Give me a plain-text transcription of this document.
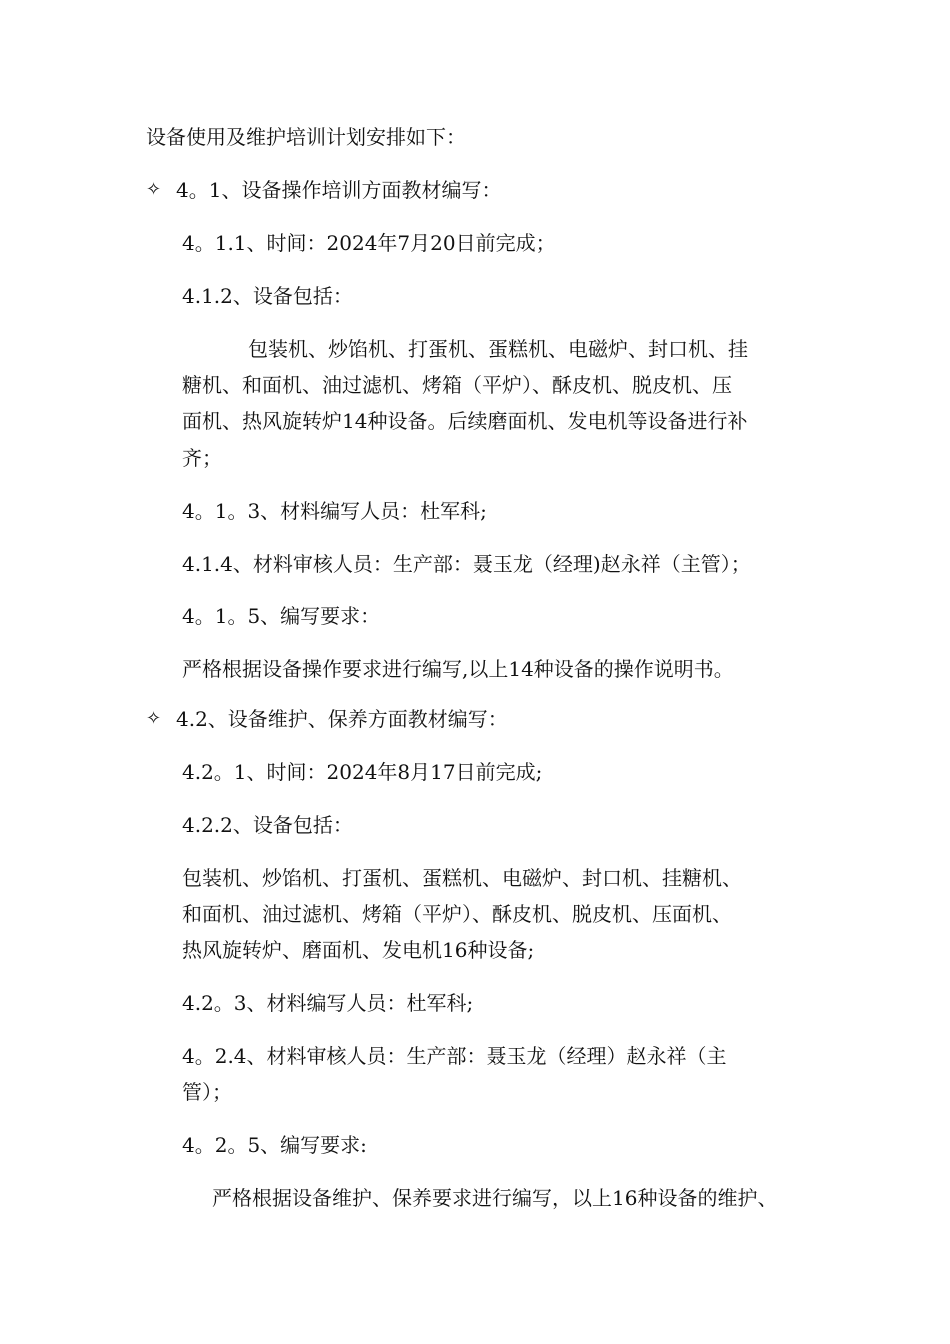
设备使用及维护培训计划安排如下：
✧ 4。1、设备操作培训方面教材编写：
4。1.1、时间：2024年7月20日前完成；
4.1.2、设备包括：
包装机、炒馅机、打蛋机、蛋糕机、电磁炉、封口机、挂
糖机、和面机、油过滤机、烤箱（平炉）、酥皮机、脱皮机、压
面机、热风旋转炉14种设备。后续磨面机、发电机等设备进行补
齐；
4。1。3、材料编写人员：杜军科;
4.1.4、材料审核人员：生产部：聂玉龙（经理)赵永祥（主管）；
4。1。5、编写要求：
严格根据设备操作要求进行编写,以上14种设备的操作说明书。
✧ 4.2、设备维护、保养方面教材编写：
4.2。1、时间：2024年8月17日前完成;
4.2.2、设备包括：
包装机、炒馅机、打蛋机、蛋糕机、电磁炉、封口机、挂糖机、
和面机、油过滤机、烤箱（平炉）、酥皮机、脱皮机、压面机、
热风旋转炉、磨面机、发电机16种设备;
4.2。3、材料编写人员：杜军科;
4。2.4、材料审核人员：生产部：聂玉龙（经理）赵永祥（主
管）；
4。2。5、编写要求:
严格根据设备维护、保养要求进行编写，以上16种设备的维护、
